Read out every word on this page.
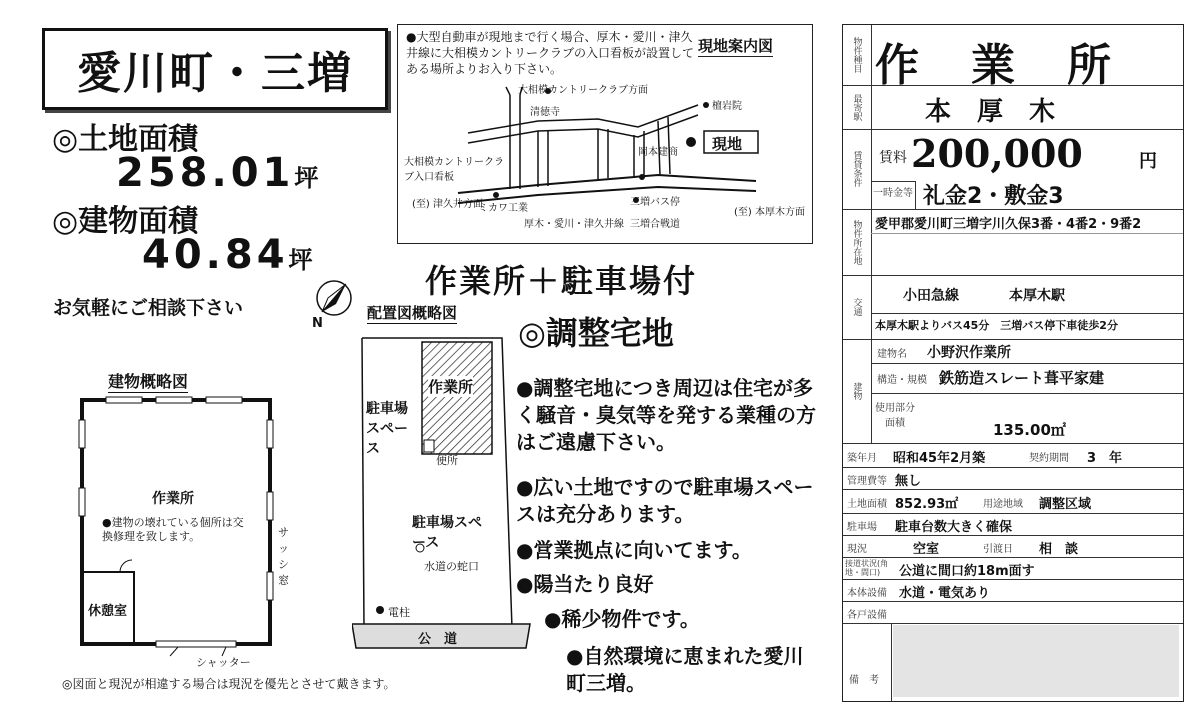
愛川町・三増
◎土地面積
258.01坪
◎建物面積
40.84坪
お気軽にご相談下さい
N
●大型自動車が現地まで行く場合、厚木・愛川・津久井線に大相模カントリークラブの入口看板が設置してある場所よりお入り下さい。
現地案内図
大相模カントリークラブ方面
清徳寺
檀岩院
現地
岡本建商
大相模カントリークラブ入口看板
(至) 津久井方面
ミカワ工業
厚木・愛川・津久井線
三増バス停
三増合戦道
(至) 本厚木方面
作業所＋駐車場付
配置図概略図
作業所
駐車場スペース
便所
駐車場スペース
水道の蛇口
電柱
公　道
◎調整宅地
●調整宅地につき周辺は住宅が多く騒音・臭気等を発する業種の方はご遠慮下さい。
●広い土地ですので駐車場スペースは充分あります。
●営業拠点に向いてます。
●陽当たり良好
●稀少物件です。
●自然環境に恵まれた愛川町三増。
建物概略図
作業所
●建物の壊れている個所は交換修理を致します。	サッシ窓
休憩室
シャッター
◎図面と現況が相違する場合は現況を優先とさせて戴きます。
物件種目 作　業　所
最寄駅	本　厚　木
賃貸条件	賃料 200,000	円
一時金等 礼金2・敷金3
物件所在地	愛甲郡愛川町三増字川久保3番・4番2・9番2
交通
小田急線	本厚木駅
本厚木駅よりバス45分　三増バス停下車徒歩2分
建物
建物名 小野沢作業所
構造・規模 鉄筋造スレート葺平家建
使用部分面積	135.00㎡
築年月 昭和45年2月築	契約期間 3　年
管理費等 無し
土地面積 852.93㎡ 用途地域 調整区域
駐車場 駐車台数大きく確保
現況	空室	引渡日 相　談
接道状況(角地・間口)	公道に間口約18m面す
本体設備 水道・電気あり
各戸設備
備　考
